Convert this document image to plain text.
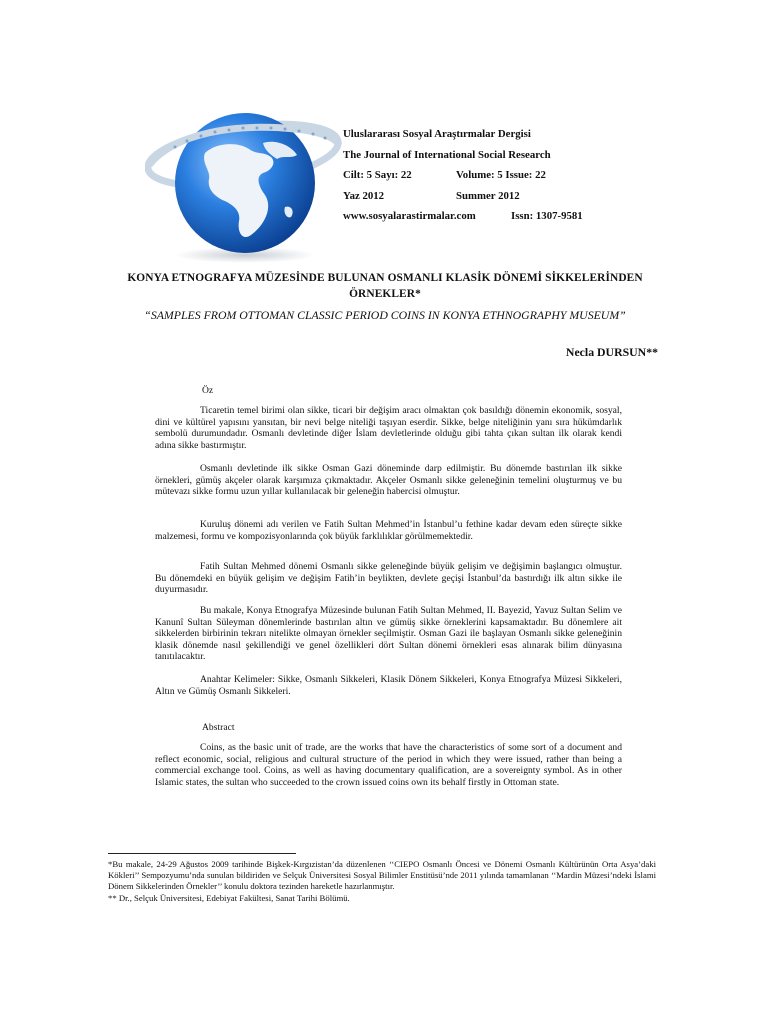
Uluslararası Sosyal Araştırmalar Dergisi
The Journal of International Social Research
Cilt: 5 Sayı: 22	Volume: 5 Issue: 22
Yaz 2012	Summer 2012
www.sosyalarastirmalar.com	Issn: 1307-9581
KONYA ETNOGRAFYA MÜZESİNDE BULUNAN OSMANLI KLASİK DÖNEMİ SİKKELERİNDEN ÖRNEKLER*
“SAMPLES FROM OTTOMAN CLASSIC PERIOD COINS IN KONYA ETHNOGRAPHY MUSEUM”
Necla DURSUN**
Öz

Ticaretin temel birimi olan sikke, ticari bir değişim aracı olmaktan çok basıldığı dönemin ekonomik, sosyal, dini ve kültürel yapısını yansıtan, bir nevi belge niteliği taşıyan eserdir. Sikke, belge niteliğinin yanı sıra hükümdarlık sembolü durumundadır. Osmanlı devletinde diğer İslam devletlerinde olduğu gibi tahta çıkan sultan ilk olarak kendi adına sikke bastırmıştır.

Osmanlı devletinde ilk sikke Osman Gazi döneminde darp edilmiştir. Bu dönemde bastırılan ilk sikke örnekleri, gümüş akçeler olarak karşımıza çıkmaktadır. Akçeler Osmanlı sikke geleneğinin temelini oluşturmuş ve bu mütevazı sikke formu uzun yıllar kullanılacak bir geleneğin habercisi olmuştur.

Kuruluş dönemi adı verilen ve Fatih Sultan Mehmed’in İstanbul’u fethine kadar devam eden süreçte sikke malzemesi, formu ve kompozisyonlarında çok büyük farklılıklar görülmemektedir.

Fatih Sultan Mehmed dönemi Osmanlı sikke geleneğinde büyük gelişim ve değişimin başlangıcı olmuştur. Bu dönemdeki en büyük gelişim ve değişim Fatih’in beylikten, devlete geçişi İstanbul’da bastırdığı ilk altın sikke ile duyurmasıdır.

Bu makale, Konya Etnografya Müzesinde bulunan Fatih Sultan Mehmed, II. Bayezid, Yavuz Sultan Selim ve Kanunî Sultan Süleyman dönemlerinde bastırılan altın ve gümüş sikke örneklerini kapsamaktadır. Bu dönemlere ait sikkelerden birbirinin tekrarı nitelikte olmayan örnekler seçilmiştir. Osman Gazi ile başlayan Osmanlı sikke geleneğinin klasik dönemde nasıl şekillendiği ve genel özellikleri dört Sultan dönemi örnekleri esas alınarak bilim dünyasına tanıtılacaktır.

Anahtar Kelimeler: Sikke, Osmanlı Sikkeleri, Klasik Dönem Sikkeleri, Konya Etnografya Müzesi Sikkeleri, Altın ve Gümüş Osmanlı Sikkeleri.

Abstract

Coins, as the basic unit of trade, are the works that have the characteristics of some sort of a document and reflect economic, social, religious and cultural structure of the period in which they were issued, rather than being a commercial exchange tool. Coins, as well as having documentary qualification, are a sovereignty symbol. As in other Islamic states, the sultan who succeeded to the crown issued coins own its behalf firstly in Ottoman state.

*Bu makale, 24-29 Ağustos 2009 tarihinde Bişkek-Kırgızistan’da düzenlenen ‘‘CIEPO Osmanlı Öncesi ve Dönemi Osmanlı Kültürünün Orta Asya’daki Kökleri’’ Sempozyumu’nda sunulan bildiriden ve Selçuk Üniversitesi Sosyal Bilimler Enstitüsü’nde 2011 yılında tamamlanan ‘‘Mardin Müzesi’ndeki İslami Dönem Sikkelerinden Örnekler’’ konulu doktora tezinden hareketle hazırlanmıştır.

** Dr., Selçuk Üniversitesi, Edebiyat Fakültesi, Sanat Tarihi Bölümü.
